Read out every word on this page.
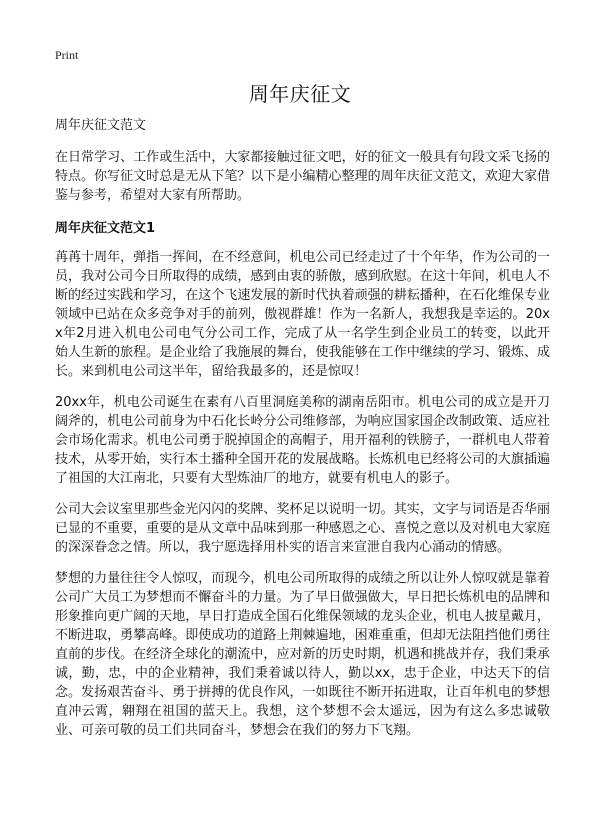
Print
周年庆征文

周年庆征文范文

在日常学习、工作或生活中，大家都接触过征文吧，好的征文一般具有句段文采飞扬的特点。你写征文时总是无从下笔？以下是小编精心整理的周年庆征文范文，欢迎大家借鉴与参考，希望对大家有所帮助。

周年庆征文范文1

苒苒十周年，弹指一挥间，在不经意间，机电公司已经走过了十个年华，作为公司的一员，我对公司今日所取得的成绩，感到由衷的骄傲，感到欣慰。在这十年间，机电人不断的经过实践和学习，在这个飞速发展的新时代执着顽强的耕耘播种，在石化维保专业领域中已站在众多竞争对手的前列，傲视群雄！作为一名新人，我想我是幸运的。20xx年2月进入机电公司电气分公司工作，完成了从一名学生到企业员工的转变，以此开始人生新的旅程。是企业给了我施展的舞台，使我能够在工作中继续的学习、锻炼、成长。来到机电公司这半年，留给我最多的，还是惊叹！

20xx年，机电公司诞生在素有八百里洞庭美称的湖南岳阳市。机电公司的成立是开刀阔斧的，机电公司前身为中石化长岭分公司维修部，为响应国家国企改制政策、适应社会市场化需求。机电公司勇于脱掉国企的高帽子，用开福利的铁膀子，一群机电人带着技术，从零开始，实行本土播种全国开花的发展战略。长炼机电已经将公司的大旗插遍了祖国的大江南北，只要有大型炼油厂的地方，就要有机电人的影子。

公司大会议室里那些金光闪闪的奖牌、奖杯足以说明一切。其实，文字与词语是否华丽已显的不重要，重要的是从文章中品味到那一种感恩之心、喜悦之意以及对机电大家庭的深深眷念之情。所以，我宁愿选择用朴实的语言来宣泄自我内心涌动的情感。

梦想的力量往往令人惊叹，而现今，机电公司所取得的成绩之所以让外人惊叹就是靠着公司广大员工为梦想而不懈奋斗的力量。为了早日做强做大，早日把长炼机电的品牌和形象推向更广阔的天地，早日打造成全国石化维保领域的龙头企业，机电人披星戴月，不断进取，勇攀高峰。即使成功的道路上荆棘遍地，困难重重，但却无法阻挡他们勇往直前的步伐。在经济全球化的潮流中，应对新的历史时期，机遇和挑战并存，我们秉承诚，勤，忠，中的企业精神，我们秉着诚以待人，勤以xx，忠于企业，中达天下的信念。发扬艰苦奋斗、勇于拼搏的优良作风，一如既往不断开拓进取，让百年机电的梦想直冲云霄，翱翔在祖国的蓝天上。我想，这个梦想不会太遥远，因为有这么多忠诚敬业、可亲可敬的员工们共同奋斗，梦想会在我们的努力下飞翔。
